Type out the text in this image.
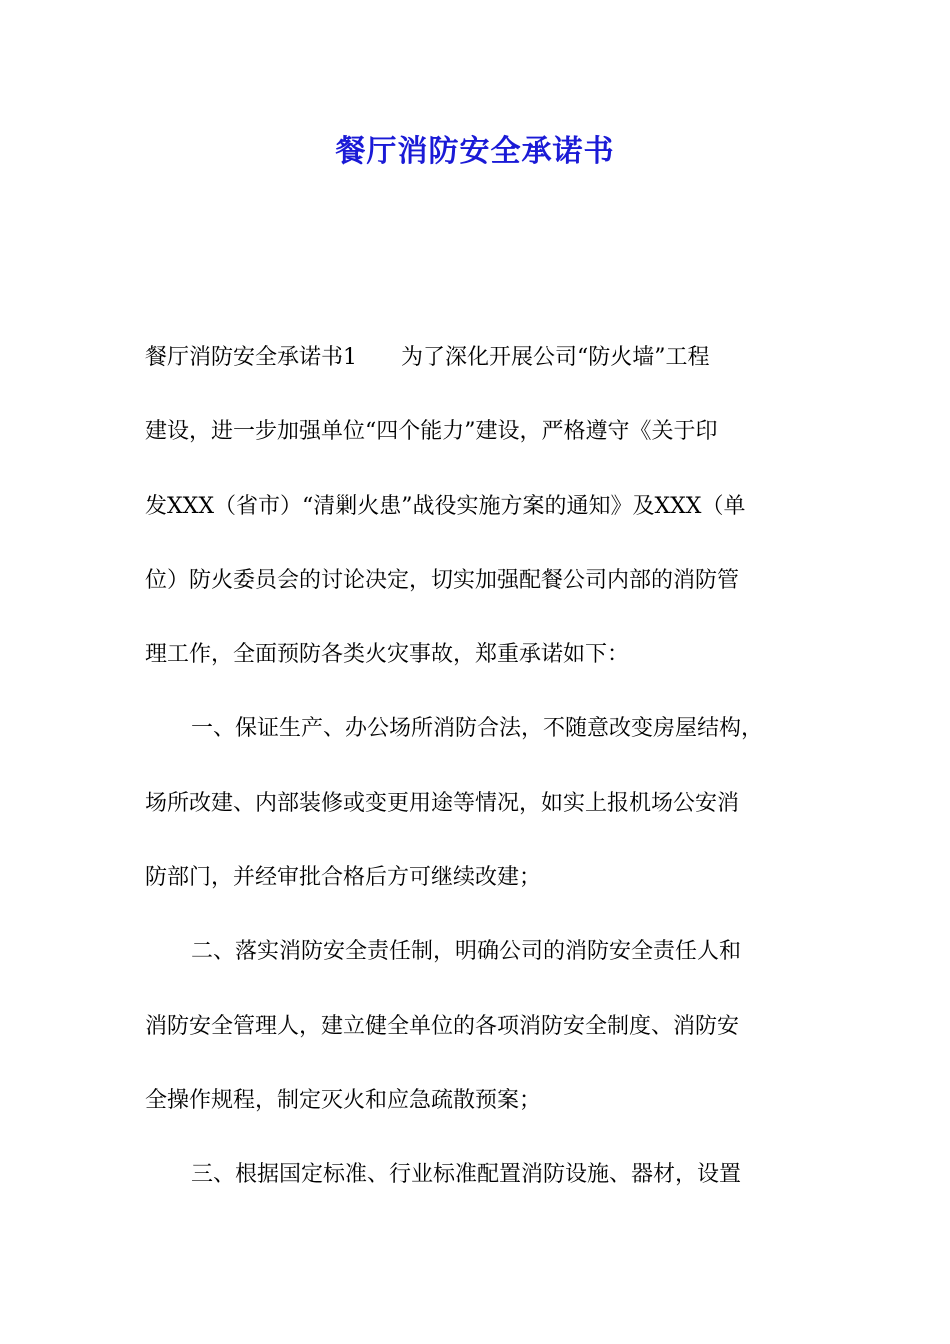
餐厅消防安全承诺书
餐厅消防安全承诺书1　　为了深化开展公司“防火墙”工程
建设，进一步加强单位“四个能力”建设，严格遵守《关于印
发XXX（省市）“清剿火患”战役实施方案的通知》及XXX（单
位）防火委员会的讨论决定，切实加强配餐公司内部的消防管
理工作，全面预防各类火灾事故，郑重承诺如下：
一、保证生产、办公场所消防合法，不随意改变房屋结构，
场所改建、内部装修或变更用途等情况，如实上报机场公安消
防部门，并经审批合格后方可继续改建；
二、落实消防安全责任制，明确公司的消防安全责任人和
消防安全管理人，建立健全单位的各项消防安全制度、消防安
全操作规程，制定灭火和应急疏散预案；
三、根据国定标准、行业标准配置消防设施、器材，设置
